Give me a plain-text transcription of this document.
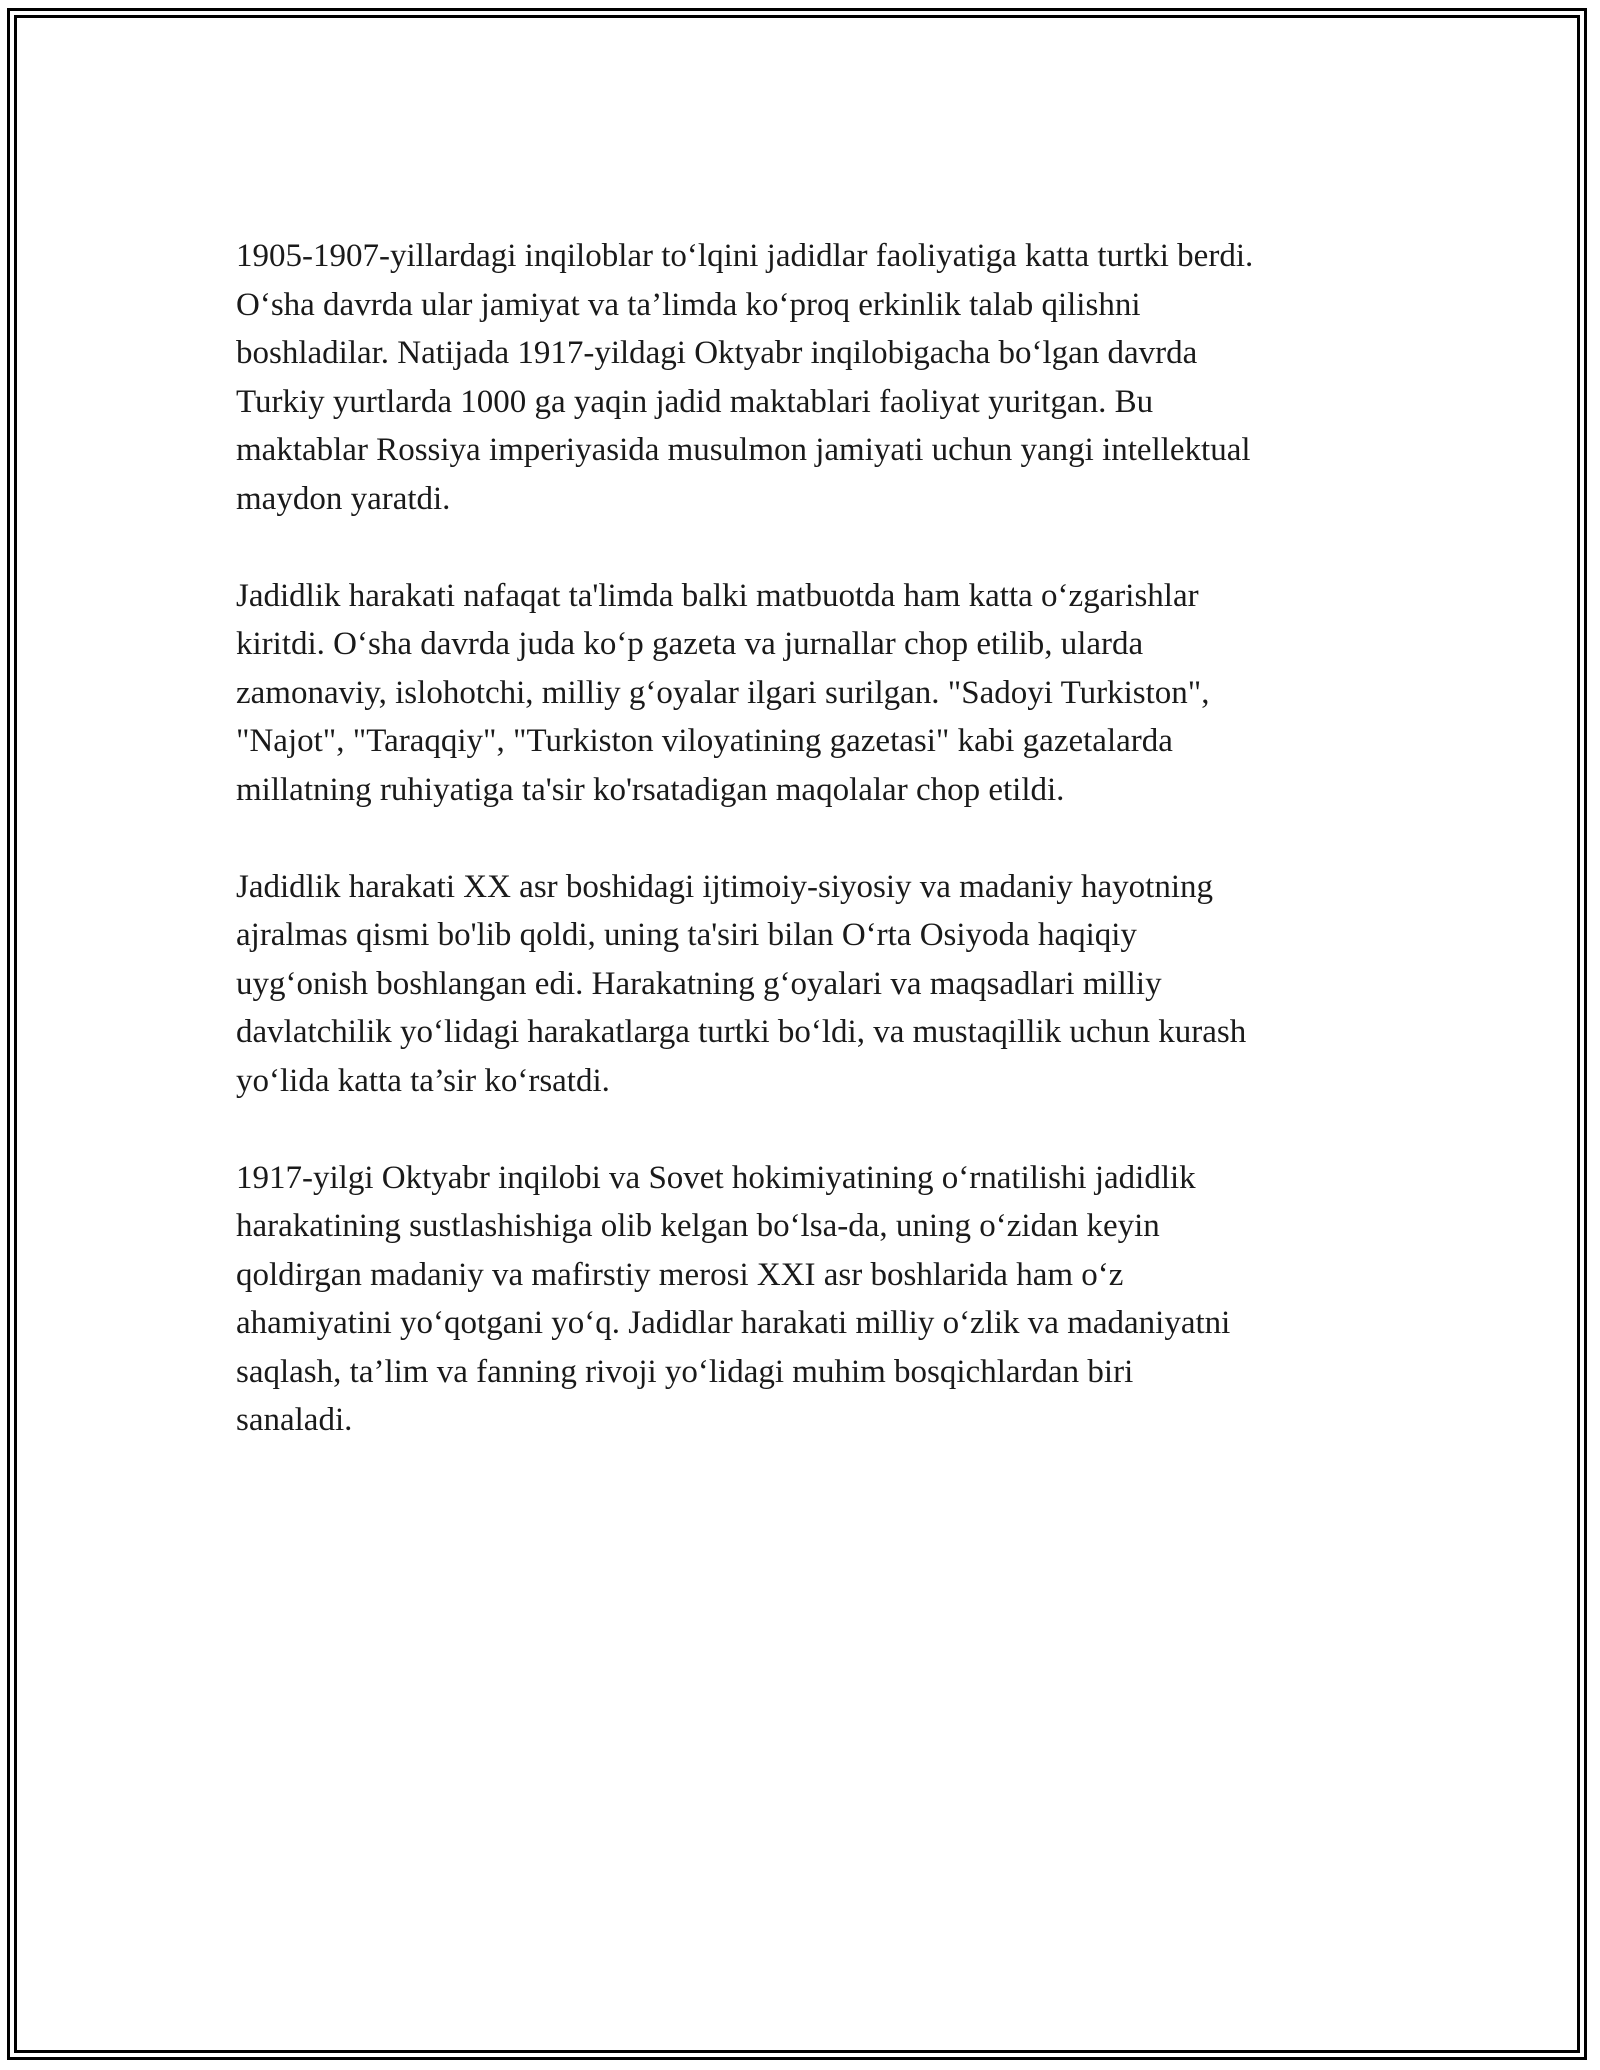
1905-1907-yillardagi inqiloblar to‘lqini jadidlar faoliyatiga katta turtki berdi.
O‘sha davrda ular jamiyat va ta’limda ko‘proq erkinlik talab qilishni
boshladilar. Natijada 1917-yildagi Oktyabr inqilobigacha bo‘lgan davrda
Turkiy yurtlarda 1000 ga yaqin jadid maktablari faoliyat yuritgan. Bu
maktablar Rossiya imperiyasida musulmon jamiyati uchun yangi intellektual
maydon yaratdi.

Jadidlik harakati nafaqat ta'limda balki matbuotda ham katta o‘zgarishlar
kiritdi. O‘sha davrda juda ko‘p gazeta va jurnallar chop etilib, ularda
zamonaviy, islohotchi, milliy g‘oyalar ilgari surilgan. "Sadoyi Turkiston",
"Najot", "Taraqqiy", "Turkiston viloyatining gazetasi" kabi gazetalarda
millatning ruhiyatiga ta'sir ko'rsatadigan maqolalar chop etildi.

Jadidlik harakati XX asr boshidagi ijtimoiy-siyosiy va madaniy hayotning
ajralmas qismi bo'lib qoldi, uning ta'siri bilan O‘rta Osiyoda haqiqiy
uyg‘onish boshlangan edi. Harakatning g‘oyalari va maqsadlari milliy
davlatchilik yo‘lidagi harakatlarga turtki bo‘ldi, va mustaqillik uchun kurash
yo‘lida katta ta’sir ko‘rsatdi.

1917-yilgi Oktyabr inqilobi va Sovet hokimiyatining o‘rnatilishi jadidlik
harakatining sustlashishiga olib kelgan bo‘lsa-da, uning o‘zidan keyin
qoldirgan madaniy va mafirstiy merosi XXI asr boshlarida ham o‘z
ahamiyatini yo‘qotgani yo‘q. Jadidlar harakati milliy o‘zlik va madaniyatni
saqlash, ta’lim va fanning rivoji yo‘lidagi muhim bosqichlardan biri
sanaladi.
